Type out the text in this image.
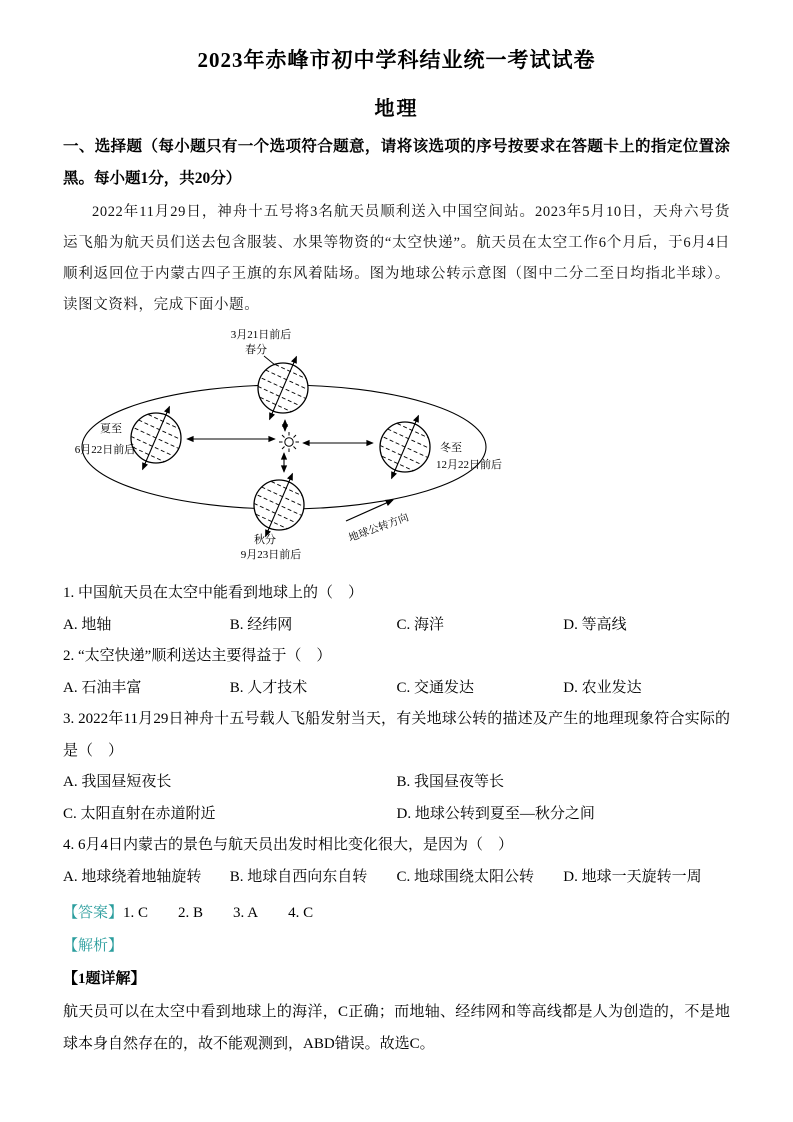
2023年赤峰市初中学科结业统一考试试卷
地理

一、选择题（每小题只有一个选项符合题意，请将该选项的序号按要求在答题卡上的指定位置涂黑。每小题1分，共20分）

2022年11月29日，神舟十五号将3名航天员顺利送入中国空间站。2023年5月10日，天舟六号货运飞船为航天员们送去包含服装、水果等物资的“太空快递”。航天员在太空工作6个月后，于6月4日顺利返回位于内蒙古四子王旗的东风着陆场。图为地球公转示意图（图中二分二至日均指北半球）。读图文资料，完成下面小题。

3月21日前后
春分
夏至
6月22日前后	冬至
12月22日前后
秋分
9月23日前后
地球公转方向

1. 中国航天员在太空中能看到地球上的（　）

A. 地轴	B. 经纬网	C. 海洋	D. 等高线

2. “太空快递”顺利送达主要得益于（　）

A. 石油丰富	B. 人才技术	C. 交通发达	D. 农业发达

3. 2022年11月29日神舟十五号载人飞船发射当天，有关地球公转的描述及产生的地理现象符合实际的是（　）

A. 我国昼短夜长	B. 我国昼夜等长
C. 太阳直射在赤道附近	D. 地球公转到夏至—秋分之间

4. 6月4日内蒙古的景色与航天员出发时相比变化很大，是因为（　）

A. 地球绕着地轴旋转	B. 地球自西向东自转	C. 地球围绕太阳公转	D. 地球一天旋转一周

【答案】1. C 2. B 3. A 4. C

【解析】

【1题详解】

航天员可以在太空中看到地球上的海洋，C正确；而地轴、经纬网和等高线都是人为创造的，不是地球本身自然存在的，故不能观测到，ABD错误。故选C。
